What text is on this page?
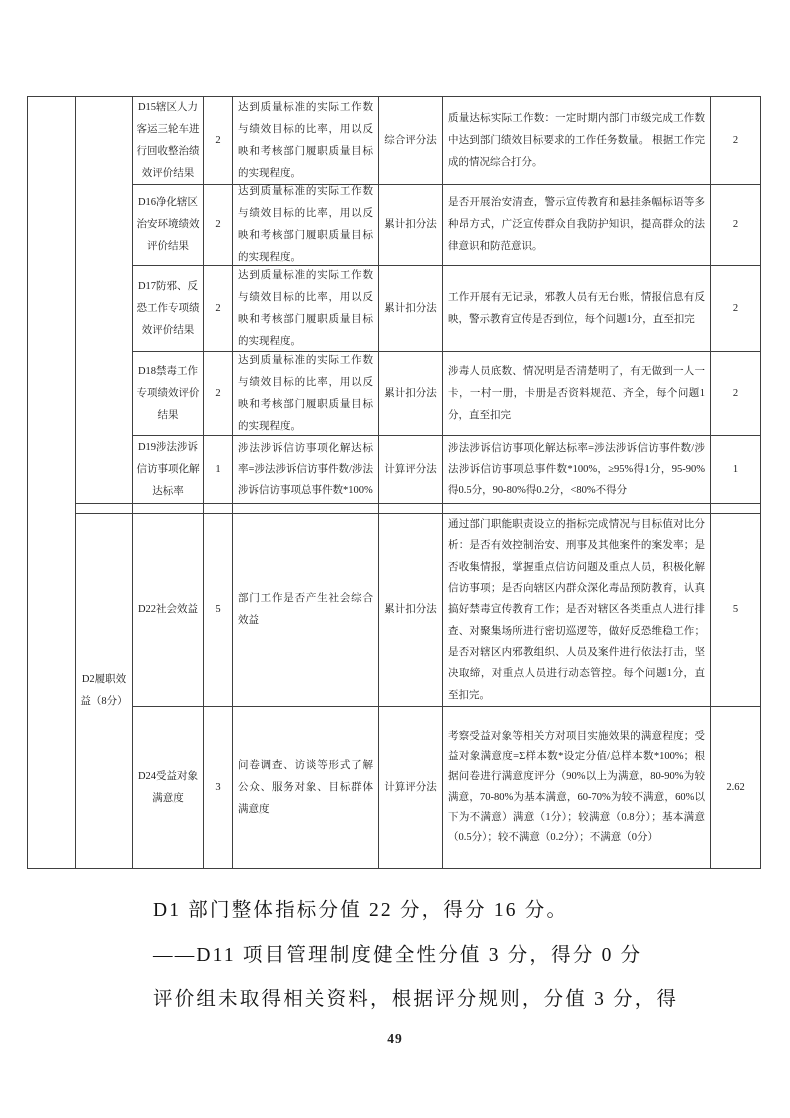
D15辖区人力客运三轮车进行回收整治绩效评价结果
2
达到质量标准的实际工作数与绩效目标的比率，用以反映和考核部门履职质量目标的实现程度。
综合评分法
质量达标实际工作数：一定时期内部门市级完成工作数中达到部门绩效目标要求的工作任务数量。 根据工作完成的情况综合打分。
2
D16净化辖区治安环境绩效评价结果
2
达到质量标准的实际工作数与绩效目标的比率，用以反映和考核部门履职质量目标的实现程度。
累计扣分法
是否开展治安清查，警示宣传教育和悬挂条幅标语等多种昂方式，广泛宣传群众自我防护知识，提高群众的法律意识和防范意识。
2
D17防邪、反恐工作专项绩效评价结果
2
达到质量标准的实际工作数与绩效目标的比率，用以反映和考核部门履职质量目标的实现程度。
累计扣分法
工作开展有无记录，邪教人员有无台账，情报信息有反映，警示教育宣传是否到位，每个问题1分，直至扣完
2
D18禁毒工作专项绩效评价结果
2
达到质量标准的实际工作数与绩效目标的比率，用以反映和考核部门履职质量目标的实现程度。
累计扣分法
涉毒人员底数、情况明是否清楚明了，有无做到一人一卡，一村一册，卡册是否资料规范、齐全，每个问题1分，直至扣完
2
D19涉法涉诉信访事项化解达标率
1
涉法涉诉信访事项化解达标率=涉法涉诉信访事件数/涉法涉诉信访事项总事件数*100%
计算评分法
涉法涉诉信访事项化解达标率=涉法涉诉信访事件数/涉法涉诉信访事项总事件数*100%，≥95%得1分，95-90%得0.5分，90-80%得0.2分，<80%不得分
1
D2履职效益（8分）
D22社会效益	5
部门工作是否产生社会综合效益
累计扣分法
通过部门职能职责设立的指标完成情况与目标值对比分析：是否有效控制治安、刑事及其他案件的案发率；是否收集情报，掌握重点信访问题及重点人员，积极化解信访事项；是否向辖区内群众深化毒品预防教育，认真搞好禁毒宣传教育工作；是否对辖区各类重点人进行排查、对聚集场所进行密切巡逻等，做好反恐维稳工作；是否对辖区内邪教组织、人员及案件进行依法打击，坚决取缔，对重点人员进行动态管控。每个问题1分，直至扣完。
5
D24受益对象满意度
3
问卷调查、访谈等形式了解公众、服务对象、目标群体满意度
计算评分法
考察受益对象等相关方对项目实施效果的满意程度；受益对象满意度=Σ样本数*设定分值/总样本数*100%；根据问卷进行满意度评分（90%以上为满意，80-90%为较满意，70-80%为基本满意，60-70%为较不满意，60%以下为不满意）满意（1分）；较满意（0.8分）；基本满意（0.5分）；较不满意（0.2分）；不满意（0分）
2.62
D1 部门整体指标分值 22 分，得分 16 分。
——D11 项目管理制度健全性分值 3 分，得分 0 分
评价组未取得相关资料，根据评分规则，分值 3 分，得
49
